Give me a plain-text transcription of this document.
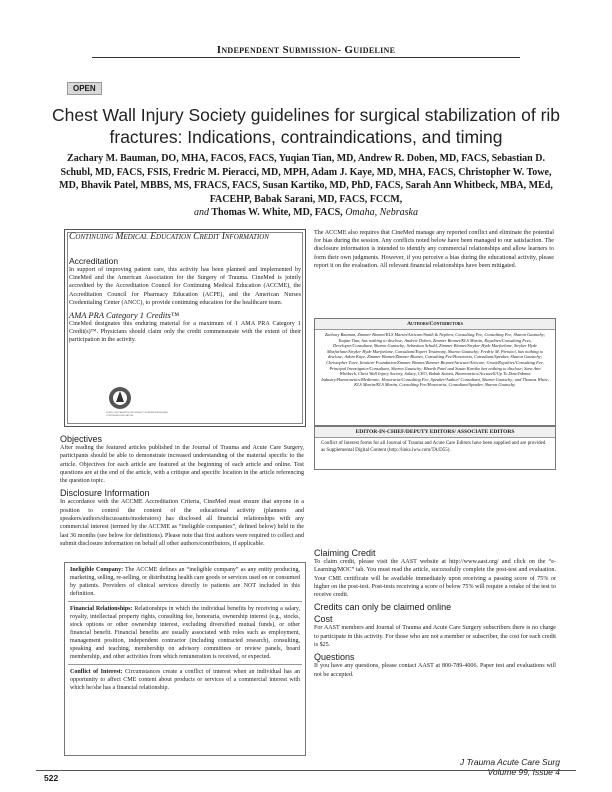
Independent Submission- Guideline
OPEN
Chest Wall Injury Society guidelines for surgical stabilization of rib fractures: Indications, contraindications, and timing
Zachary M. Bauman, DO, MHA, FACOS, FACS, Yuqian Tian, MD, Andrew R. Doben, MD, FACS, Sebastian D. Schubl, MD, FACS, FSIS, Fredric M. Pieracci, MD, MPH, Adam J. Kaye, MD, MHA, FACS, Christopher W. Towe, MD, Bhavik Patel, MBBS, MS, FRACS, FACS, Susan Kartiko, MD, PhD, FACS, Sarah Ann Whitbeck, MBA, MEd, FACEHP, Babak Sarani, MD, FACS, FCCM,
and Thomas W. White, MD, FACS, Omaha, Nebraska
Continuing Medical Education Credit Information
Accreditation
In support of improving patient care, this activity has been planned and implemented by CineMed and the American Association for the Surgery of Trauma. CineMed is jointly accredited by the Accreditation Council for Continuing Medical Education (ACCME), the Accreditation Council for Pharmacy Education (ACPE), and the American Nurses Credentialing Center (ANCC), to provide continuing education for the healthcare team.
AMA PRA Category 1 Credits™
CineMed designates this enduring material for a maximum of 1 AMA PRA Category 1 Credit(s)™. Physicians should claim only the credit commensurate with the extent of their participation in the activity.
JOINTLY ACCREDITED PROVIDER™ INTERPROFESSIONAL CONTINUING EDUCATION
Objectives
After reading the featured articles published in the Journal of Trauma and Acute Care Surgery, participants should be able to demonstrate increased understanding of the material specific to the article. Objectives for each article are featured at the beginning of each article and online. Test questions are at the end of the article, with a critique and specific location in the article referencing the question topic.
Disclosure Information
In accordance with the ACCME Accreditation Criteria, CineMed must ensure that anyone in a position to control the content of the educational activity (planners and speakers/authors/discussants/moderators) has disclosed all financial relationships with any commercial interest (termed by the ACCME as “ineligible companies”, defined below) held in the last 36 months (see below for definitions). Please note that first authors were required to collect and submit disclosure information on behalf all other authors/contributors, if applicable.
Ineligible Company: The ACCME defines an “ineligible company” as any entity producing, marketing, selling, re-selling, or distributing health care goods or services used on or consumed by patients. Providers of clinical services directly to patients are NOT included in this definition.
Financial Relationships: Relationships in which the individual benefits by receiving a salary, royalty, intellectual property rights, consulting fee, honoraria, ownership interest (e.g., stocks, stock options or other ownership interest, excluding diversified mutual funds), or other financial benefit. Financial benefits are usually associated with roles such as employment, management position, independent contractor (including contracted research), consulting, speaking and teaching, membership on advisory committees or review panels, board membership, and other activities from which remuneration is received, or expected.
Conflict of Interest: Circumstances create a conflict of interest when an individual has an opportunity to affect CME content about products or services of a commercial interest with which he/she has a financial relationship.
The ACCME also requires that CineMed manage any reported conflict and eliminate the potential for bias during the session. Any conflicts noted below have been managed to our satisfaction. The disclosure information is intended to identify any commercial relationships and allow learners to form their own judgments. However, if you perceive a bias during the educational activity, please report it on the evaluation. All relevant financial relationships have been mitigated.
Authors/Contributors
Zachary Bauman, Zimmer Biomet/KLS Martin/Atricure/Smith & Nephew, Consulting Fee, Consulting Fee, Sharon Gautschy; Yuqian Tian, has nothing to disclose; Andrew Doben, Zimmer Biomet/KLS Martin, Royalties/Consulting Fees, Developer/Consultant, Sharon Gautschy; Sebastian Schubl, Zimmer Biomet/Stryker Hyde Marfarlane, Stryker Hyde Marfarlane/Stryker Hyde Marfarlane, Consultant/Expert Testimony, Sharon Gautschy; Fredric M. Pieracci, has nothing to disclose; Adam Kaye, Zimmer Biomet/Zimmer Biomet, Consulting Fee/Honoraria, Consultant/Speaker, Sharon Gautschy; Christopher Towe, Intuitive Foundation/Zimmer Biomet/Zimmer Biomet/Atricure/Atricure, Grant/Royalties/Consulting Fee, Principal Investigator/Consultant, Sharon Gautschy; Bhavik Patel and Susan Kartiko has nothing to disclose; Sara Ann Whitbeck, Chest Wall Injury Society, Salary, CEO, Babak Sarani, Haemonetics/Accuwell/Up To Date/Inbmot Industry/Haemonetics/Medtronic, Honoraria/Consulting Fee, Speaker/Author/ Consultant, Sharon Gautschy; and Thomas White, KLS Martin/KLS Martin, Consulting Fee/Honoraria, Consultant/Speaker, Sharon Gautschy.
EDITOR-IN-CHIEF/DEPUTY EDITORS/ ASSOCIATE EDITORS
Conflict of Interest forms for all Journal of Trauma and Acute Care Editors have been supplied and are provided as Supplemental Digital Content (http://links.lww.com/TA/D55).
Claiming Credit
To claim credit, please visit the AAST website at http://www.aast.org/ and click on the “e-Learning/MOC” tab. You must read the article, successfully complete the post-test and evaluation. Your CME certificate will be available immediately upon receiving a passing score of 75% or higher on the post-test. Post-tests receiving a score of below 75% will require a retake of the test to receive credit.
Credits can only be claimed online
Cost
For AAST members and Journal of Trauma and Acute Care Surgery subscribers there is no charge to participate in this activity. For those who are not a member or subscriber, the cost for each credit is $25.
Questions
If you have any questions, please contact AAST at 800-789-4006. Paper test and evaluations will not be accepted.
J Trauma Acute Care Surg
Volume 99, Issue 4
522
